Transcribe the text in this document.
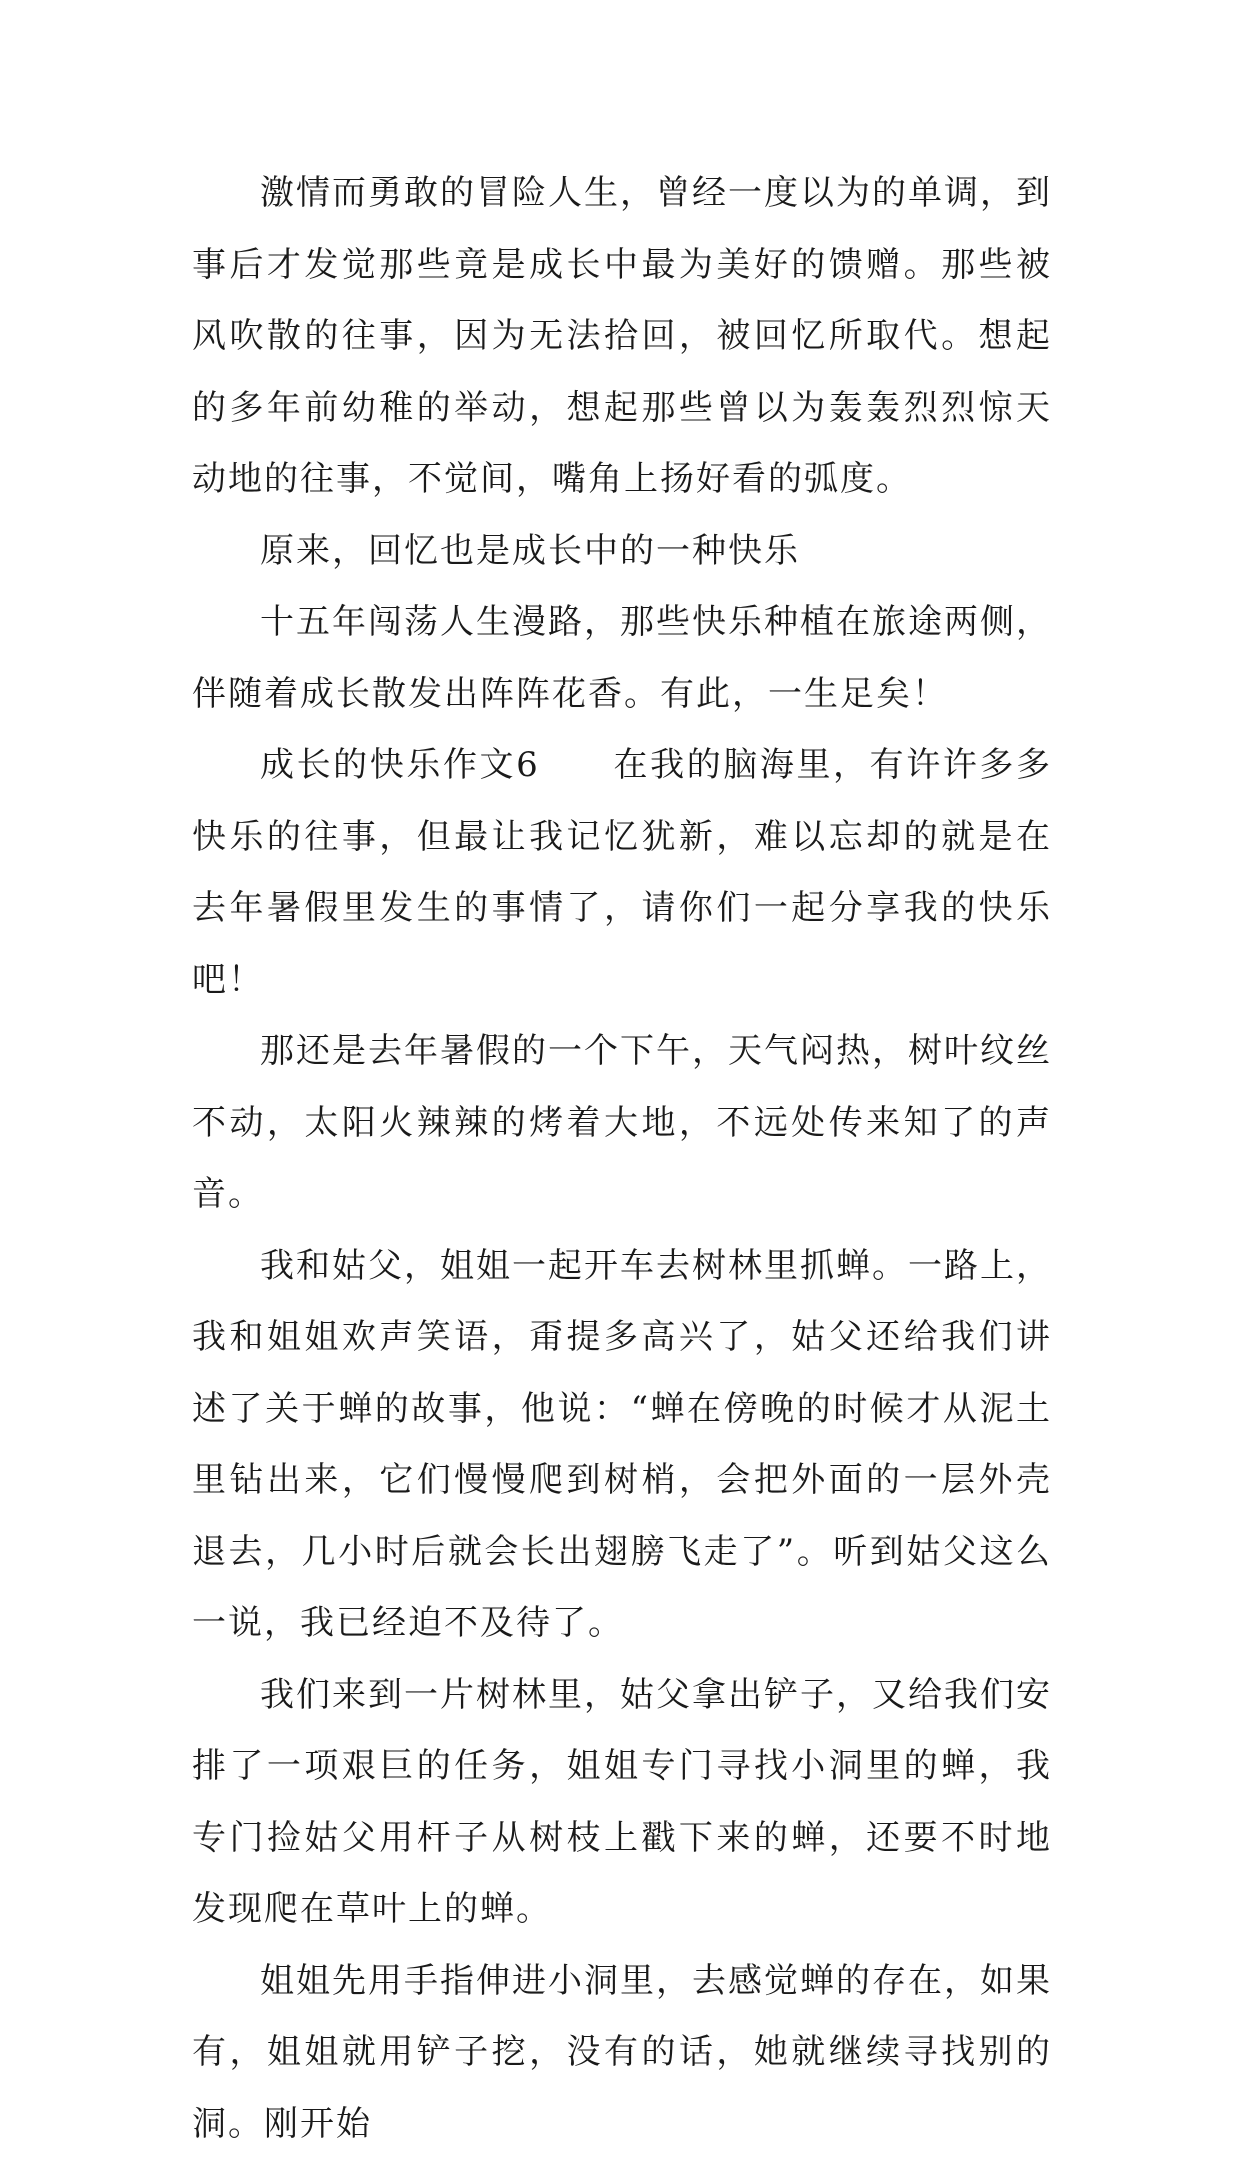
激情而勇敢的冒险人生，曾经一度以为的单调，到事后才发觉那些竟是成长中最为美好的馈赠。那些被风吹散的往事，因为无法拾回，被回忆所取代。想起的多年前幼稚的举动，想起那些曾以为轰轰烈烈惊天动地的往事，不觉间，嘴角上扬好看的弧度。

原来，回忆也是成长中的一种快乐

十五年闯荡人生漫路，那些快乐种植在旅途两侧，伴随着成长散发出阵阵花香。有此，一生足矣！

成长的快乐作文6　　在我的脑海里，有许许多多快乐的往事，但最让我记忆犹新，难以忘却的就是在去年暑假里发生的事情了，请你们一起分享我的快乐吧！

那还是去年暑假的一个下午，天气闷热，树叶纹丝不动，太阳火辣辣的烤着大地，不远处传来知了的声音。

我和姑父，姐姐一起开车去树林里抓蝉。一路上，我和姐姐欢声笑语，甭提多高兴了，姑父还给我们讲述了关于蝉的故事，他说：“蝉在傍晚的时候才从泥土里钻出来，它们慢慢爬到树梢，会把外面的一层外壳退去，几小时后就会长出翅膀飞走了”。听到姑父这么一说，我已经迫不及待了。

我们来到一片树林里，姑父拿出铲子，又给我们安排了一项艰巨的任务，姐姐专门寻找小洞里的蝉，我专门捡姑父用杆子从树枝上戳下来的蝉，还要不时地发现爬在草叶上的蝉。

姐姐先用手指伸进小洞里，去感觉蝉的存在，如果有，姐姐就用铲子挖，没有的话，她就继续寻找别的洞。刚开始
